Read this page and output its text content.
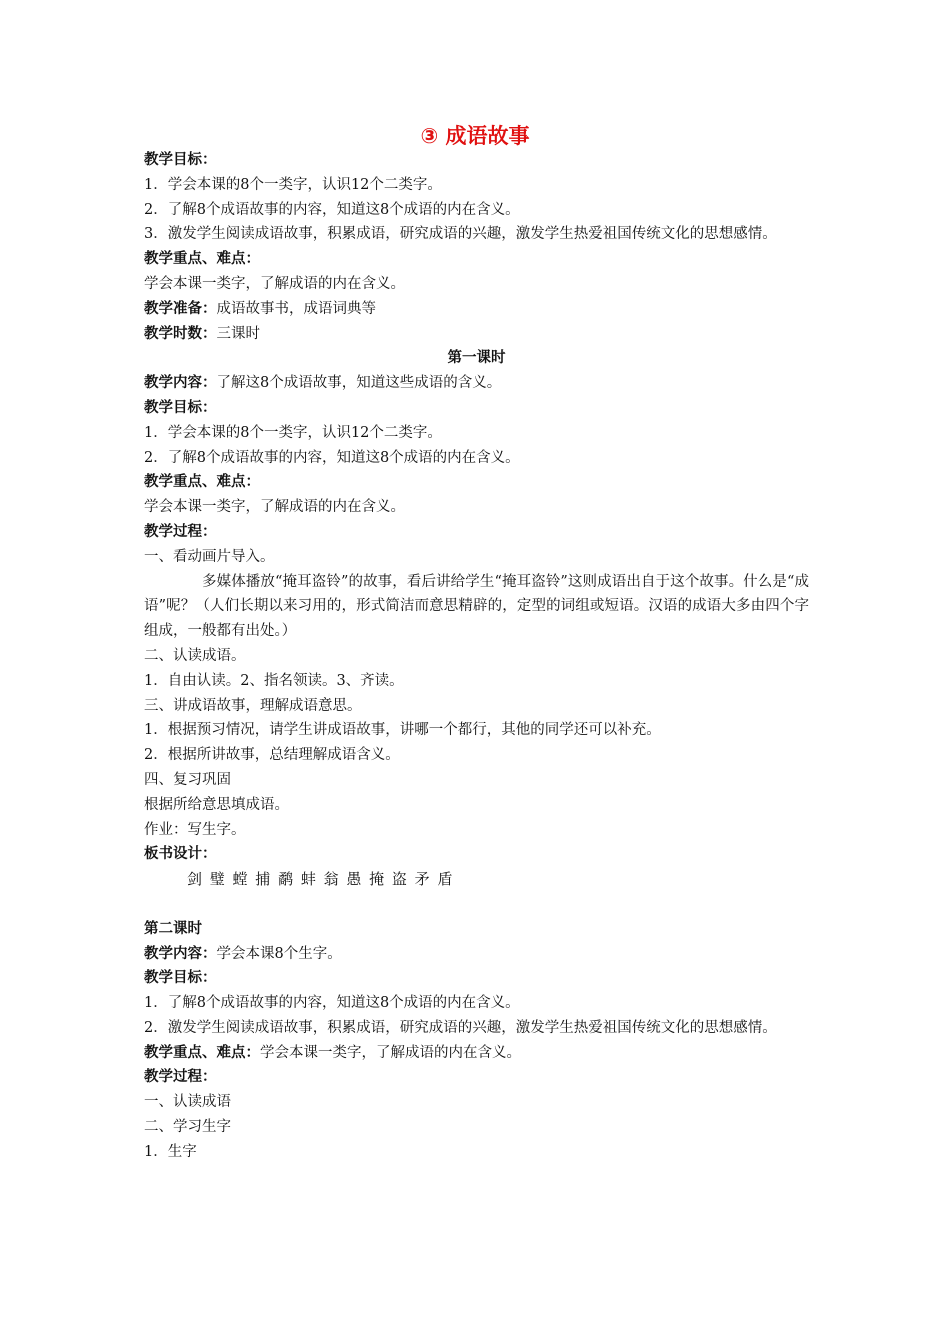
③ 成语故事
教学目标：
1．学会本课的8个一类字，认识12个二类字。
2．了解8个成语故事的内容，知道这8个成语的内在含义。
3．激发学生阅读成语故事，积累成语，研究成语的兴趣，激发学生热爱祖国传统文化的思想感情。
教学重点、难点：
学会本课一类字，了解成语的内在含义。
教学准备：成语故事书，成语词典等
教学时数：三课时
第一课时
教学内容：了解这8个成语故事，知道这些成语的含义。
教学目标：
1．学会本课的8个一类字，认识12个二类字。
2．了解8个成语故事的内容，知道这8个成语的内在含义。
教学重点、难点：
学会本课一类字，了解成语的内在含义。
教学过程：
一、看动画片导入。
多媒体播放“掩耳盗铃”的故事，看后讲给学生“掩耳盗铃”这则成语出自于这个故事。什么是“成语”呢？（人们长期以来习用的，形式简洁而意思精辟的，定型的词组或短语。汉语的成语大多由四个字组成，一般都有出处。）
二、认读成语。
1．自由认读。2、指名领读。3、齐读。
三、讲成语故事，理解成语意思。
1．根据预习情况，请学生讲成语故事，讲哪一个都行，其他的同学还可以补充。
2．根据所讲故事，总结理解成语含义。
四、复习巩固
根据所给意思填成语。
作业：写生字。
板书设计：
剑 璧 螳 捕 鹬 蚌 翁 愚 掩 盗 矛 盾
第二课时
教学内容：学会本课8个生字。
教学目标：
1．了解8个成语故事的内容，知道这8个成语的内在含义。
2．激发学生阅读成语故事，积累成语，研究成语的兴趣，激发学生热爱祖国传统文化的思想感情。
教学重点、难点：学会本课一类字，了解成语的内在含义。
教学过程：
一、认读成语
二、学习生字
1．生字
